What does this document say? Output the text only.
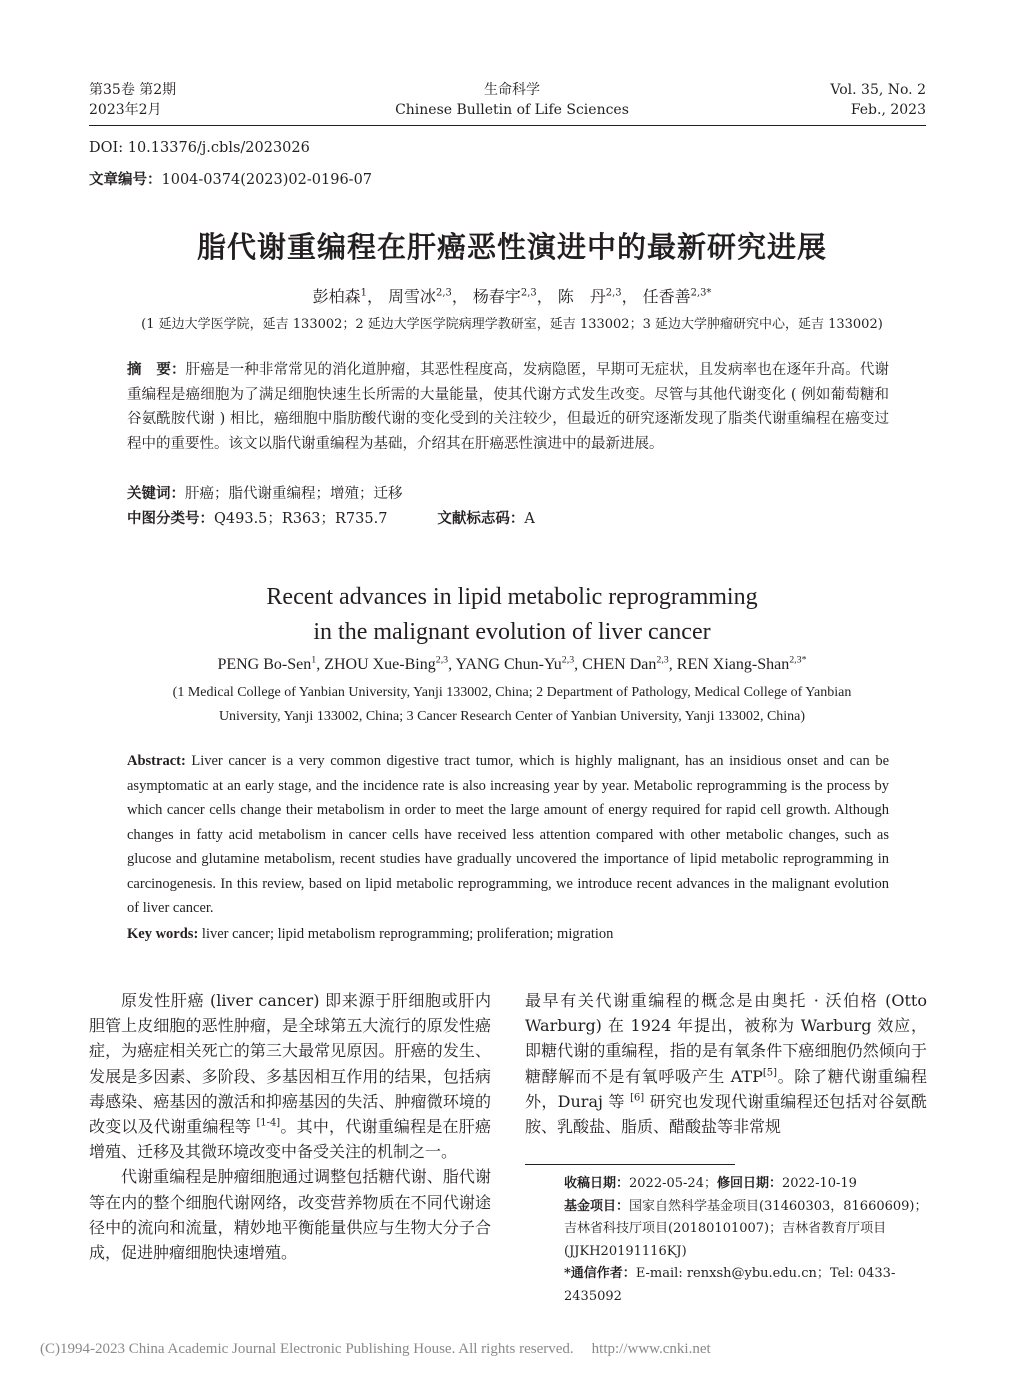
第35卷 第2期
2023年2月
生命科学
Chinese Bulletin of Life Sciences
Vol. 35, No. 2
Feb., 2023
DOI: 10.13376/j.cbls/2023026
文章编号：1004-0374(2023)02-0196-07
脂代谢重编程在肝癌恶性演进中的最新研究进展
彭柏森$^1$， 周雪冰$^{2,3}$， 杨春宇$^{2,3}$， 陈　丹$^{2,3}$， 任香善$^{2,3*}$
(1 延边大学医学院，延吉 133002；2 延边大学医学院病理学教研室，延吉 133002；3 延边大学肿瘤研究中心，延吉 133002)
摘　要：肝癌是一种非常常见的消化道肿瘤，其恶性程度高，发病隐匿，早期可无症状，且发病率也在逐年升高。代谢重编程是癌细胞为了满足细胞快速生长所需的大量能量，使其代谢方式发生改变。尽管与其他代谢变化 ( 例如葡萄糖和谷氨酰胺代谢 ) 相比，癌细胞中脂肪酸代谢的变化受到的关注较少，但最近的研究逐渐发现了脂类代谢重编程在癌变过程中的重要性。该文以脂代谢重编程为基础，介绍其在肝癌恶性演进中的最新进展。
关键词：肝癌；脂代谢重编程；增殖；迁移
中图分类号：Q493.5；R363；R735.7	文献标志码：A
Recent advances in lipid metabolic reprogramming
in the malignant evolution of liver cancer
PENG Bo-Sen$^1$, ZHOU Xue-Bing$^{2,3}$, YANG Chun-Yu$^{2,3}$, CHEN Dan$^{2,3}$, REN Xiang-Shan$^{2,3*}$
(1 Medical College of Yanbian University, Yanji 133002, China; 2 Department of Pathology, Medical College of Yanbian
University, Yanji 133002, China; 3 Cancer Research Center of Yanbian University, Yanji 133002, China)
Abstract: Liver cancer is a very common digestive tract tumor, which is highly malignant, has an insidious onset and can be asymptomatic at an early stage, and the incidence rate is also increasing year by year. Metabolic reprogramming is the process by which cancer cells change their metabolism in order to meet the large amount of energy required for rapid cell growth. Although changes in fatty acid metabolism in cancer cells have received less attention compared with other metabolic changes, such as glucose and glutamine metabolism, recent studies have gradually uncovered the importance of lipid metabolic reprogramming in carcinogenesis. In this review, based on lipid metabolic reprogramming, we introduce recent advances in the malignant evolution of liver cancer.
Key words: liver cancer; lipid metabolism reprogramming; proliferation; migration

原发性肝癌 (liver cancer) 即来源于肝细胞或肝内胆管上皮细胞的恶性肿瘤，是全球第五大流行的原发性癌症，为癌症相关死亡的第三大最常见原因。肝癌的发生、发展是多因素、多阶段、多基因相互作用的结果，包括病毒感染、癌基因的激活和抑癌基因的失活、肿瘤微环境的改变以及代谢重编程等 [1-4]。其中，代谢重编程是在肝癌增殖、迁移及其微环境改变中备受关注的机制之一。

代谢重编程是肿瘤细胞通过调整包括糖代谢、脂代谢等在内的整个细胞代谢网络，改变营养物质在不同代谢途径中的流向和流量，精妙地平衡能量供应与生物大分子合成，促进肿瘤细胞快速增殖。

最早有关代谢重编程的概念是由奥托 · 沃伯格 (Otto Warburg) 在 1924 年提出，被称为 Warburg 效应，即糖代谢的重编程，指的是有氧条件下癌细胞仍然倾向于糖酵解而不是有氧呼吸产生 ATP[5]。除了糖代谢重编程外，Duraj 等 [6] 研究也发现代谢重编程还包括对谷氨酰胺、乳酸盐、脂质、醋酸盐等非常规

收稿日期：2022-05-24；修回日期：2022-10-19
基金项目：国家自然科学基金项目(31460303，81660609)；
吉林省科技厅项目(20180101007)；吉林省教育厅项目
(JJKH20191116KJ)
*通信作者：E-mail: renxsh@ybu.edu.cn；Tel: 0433-
2435092
(C)1994-2023 China Academic Journal Electronic Publishing House. All rights reserved. http://www.cnki.net
